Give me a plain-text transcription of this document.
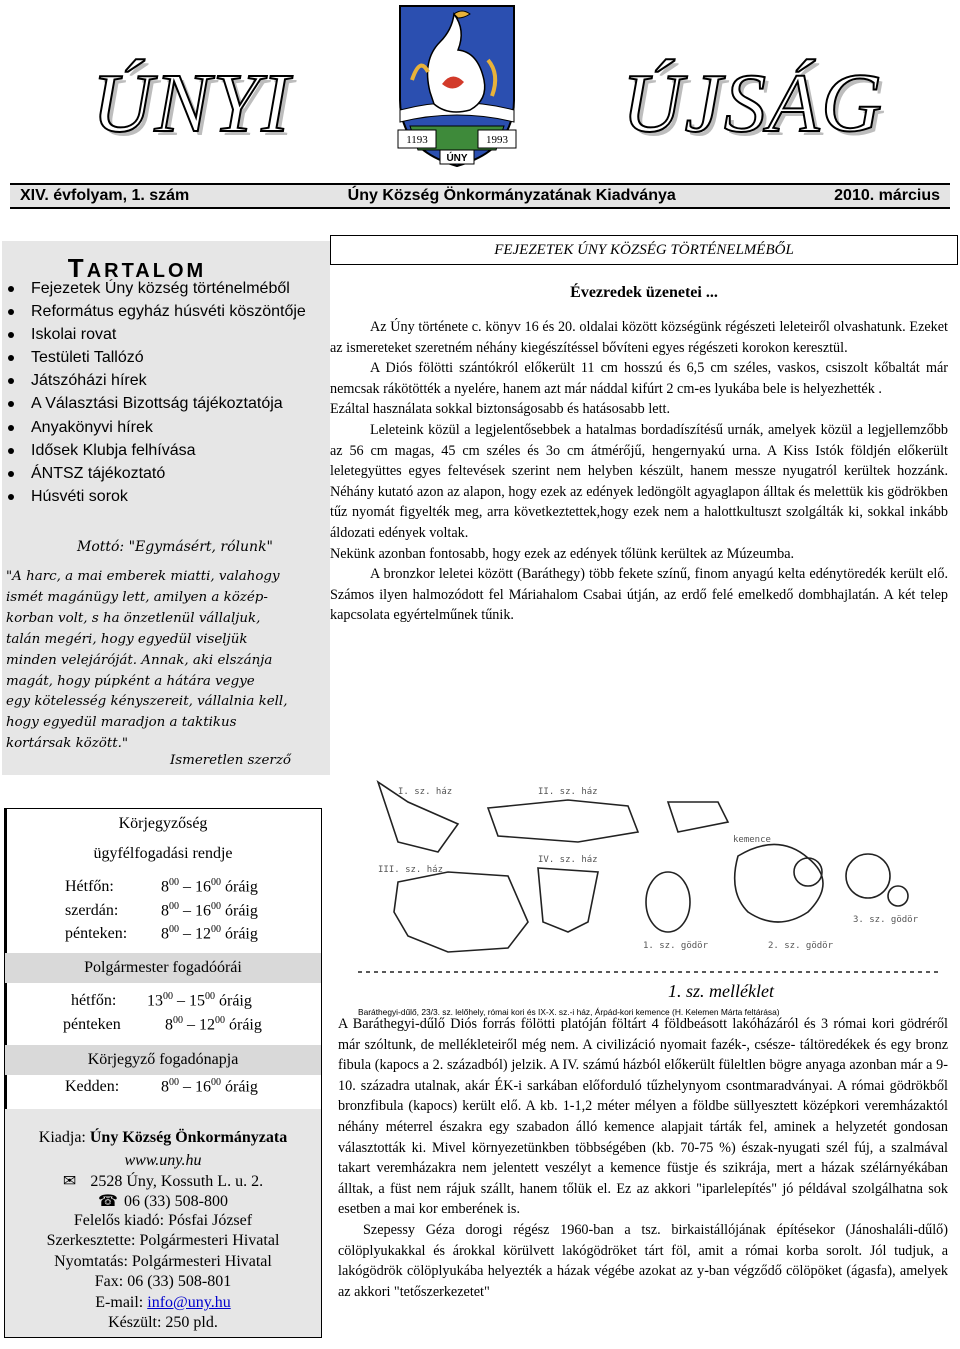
ÚNYI	ÚJSÁG
1193	1993
ÚNY
XIV. évfolyam, 1. szám	Úny Község Önkormányzatának Kiadványa	2010. március
TARTALOM
Fejezetek Úny község történelméből
Református egyház húsvéti köszöntője
Iskolai rovat
Testületi Tallózó
Játszóházi hírek
A Választási Bizottság tájékoztatója
Anyakönyvi hírek
Idősek Klubja felhívása
ÁNTSZ tájékoztató
Húsvéti sorok
Mottó: "Egymásért, rólunk"
"A harc, a mai emberek miatti, valahogy
ismét magánügy lett, amilyen a közép-
korban volt, s ha önzetlenül vállaljuk,
talán megéri, hogy egyedül viseljük
minden velejáróját. Annak, aki elszánja
magát, hogy púpként a hátára vegye
egy kötelesség kényszereit, vállalnia kell,
hogy egyedül maradjon a taktikus
kortársak között."
Ismeretlen szerző
FEJEZETEK ÚNY KÖZSÉG TÖRTÉNELMÉBŐL
Évezredek üzenetei ...

Az Úny története c. könyv 16 és 20. oldalai között községünk régészeti leleteiről olvashatunk. Ezeket az ismereteket szeretném néhány kiegészítéssel bővíteni egyes régészeti korokon keresztül.

A Diós fölötti szántókról előkerült 11 cm hosszú és 6,5 cm széles, vaskos, csiszolt kőbaltát már nemcsak rákötötték a nyelére, hanem azt már náddal kifúrt 2 cm-es lyukába bele is helyezhették .

Ezáltal használata sokkal biztonságosabb és hatásosabb lett.

Leleteink közül a legjelentősebbek a hatalmas bordadíszítésű urnák, amelyek közül a legjellemzőbb az 56 cm magas, 45 cm széles és 3o cm átmérőjű, hengernyakú urna. A Kiss Istók földjén előkerült leletegyüttes egyes feltevések szerint nem helyben készült, hanem messze nyugatról kerültek hozzánk. Néhány kutató azon az alapon, hogy ezek az edények ledöngölt agyaglapon álltak és melettük kis gödrökben tűz nyomát figyelték meg, arra következtettek,hogy ezek nem a halottkultuszt szolgálták ki, sokkal inkább áldozati edények voltak.

Nekünk azonban fontosabb, hogy ezek az edények tőlünk kerültek az Múzeumba.

A bronzkor leletei között (Baráthegy) több fekete színű, finom anyagú kelta edénytöredék került elő. Számos ilyen halmozódott fel Máriahalom Csabai útján, az erdő felé emelkedő dombhajlatán. A két telep kapcsolata egyértelműnek tűnik.

I. sz. ház	II. sz. ház
III. sz. ház
IV. sz. ház
1. sz. gödör	2. sz. gödör
3. sz. gödör
kemence
1. sz. melléklet
Baráthegyi-dűlő, 23/3. sz. lelőhely, római kori és IX-X. sz.-i ház, Árpád-kori kemence (H. Kelemen Márta feltárása)

A Baráthegyi-dűlő Diós forrás fölötti platóján föltárt 4 földbeásott lakóházáról és 3 római kori gödréről már szóltunk, de mellékleteiről még nem. A civilizáció nyomait fazék-, csésze- táltöredékek és egy bronz fibula (kapocs a 2. századból) jelzik. A IV. számú házból előkerült füleltlen bögre anyaga azonban már a 9-10. századra utalnak, akár ÉK-i sarkában előforduló tűzhelynyom csontmaradványai. A római gödrökből bronzfibula (kapocs) került elő. A kb. 1-1,2 méter mélyen a földbe süllyesztett középkori veremházaktól néhány méterrel északra egy szabadon álló kemence alapjait tárták fel, aminek a helyzetét gondosan választották ki. Mivel környezetünkben többségében (kb. 70-75 %) észak-nyugati szél fúj, a szalmával takart veremházakra nem jelentett veszélyt a kemence füstje és szikrája, mert a házak szélárnyékában álltak, a füst nem rájuk szállt, hanem tőlük el. Ez az akkori "iparlelepítés" jó példával szolgálhatna sok esetben a mai kor emberének is.

Szepessy Géza dorogi régész 1960-ban a tsz. birkaistállójának építésekor (Jánoshaláli-dűlő) cölöplyukakkal és árokkal körülvett lakógödröket tárt föl, amit a római korba sorolt. Jól tudjuk, a lakógödrök cölöplyukába helyezték a házak végébe azokat az y-ban végződő cölöpöket (ágasfa), amelyek az akkori "tetőszerkezetet"

Körjegyzőség
ügyfélfogadási rendje
Hétfőn:	$8^{00} - 16^{00}$ óráig
szerdán:	$8^{00} - 16^{00}$ óráig
pénteken: $8^{00} - 12^{00}$ óráig
Polgármester fogadóórái
hétfőn: $13^{00} - 15^{00}$ óráig
pénteken	$8^{00} - 12^{00}$ óráig
Körjegyző fogadónapja
Kedden:	$8^{00} - 16^{00}$ óráig
Kiadja: Úny Község Önkormányzata
www.uny.hu
✉ 2528 Úny, Kossuth L. u. 2.
☎ 06 (33) 508-800
Felelős kiadó: Pósfai József
Szerkesztette: Polgármesteri Hivatal
Nyomtatás: Polgármesteri Hivatal
Fax: 06 (33) 508-801
E-mail: info@uny.hu
Készült: 250 pld.
